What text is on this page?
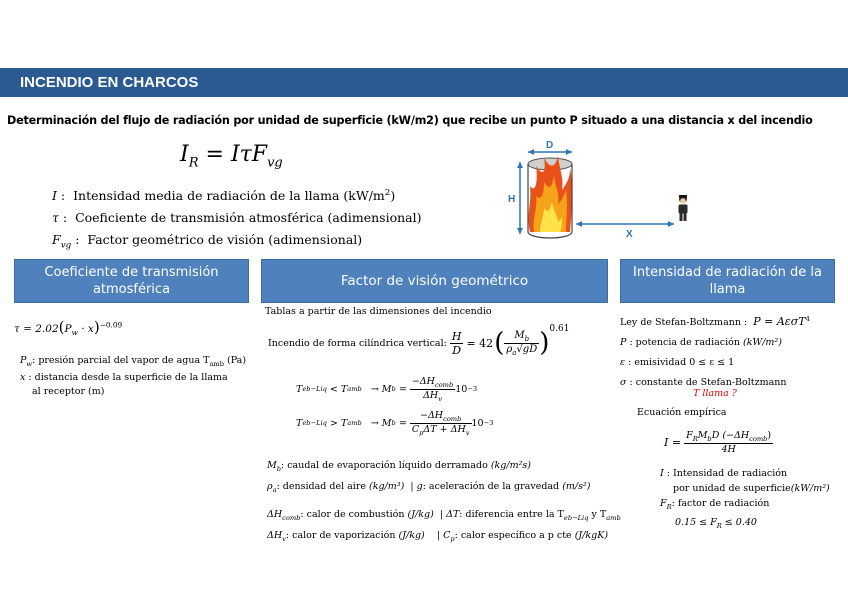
INCENDIO EN CHARCOS
Determinación del flujo de radiación por unidad de superficie (kW/m2) que recibe un punto P situado a una distancia x del incendio
$I_R = I\tau F_{vg}$
I :  Intensidad media de radiación de la llama $(kW/m^2)$
τ :  Coeficiente de transmisión atmosférica (adimensional)
$F_{vg}$ :  Factor geométrico de visión (adimensional)
D
H
X
Coeficiente de transmisión atmosférica
Factor de visión geométrico	Intensidad de radiación de la llama
$\tau = 2.02(P_w \cdot x)^{-0.09}$
$P_w$: presión parcial del vapor de agua $T_{amb}$ (Pa)
x : distancia desde la superficie de la llama
al receptor (m)
Tablas a partir de las dimensiones del incendio
Incendio de forma cilíndrica vertical:
$\frac{H}{D}$
= 42 ( $\frac{M_b}{\rho_a√gD}$ ) 0.61
T eb−Liq
<
T amb
→ M b
=
$\frac{-\Delta H_{comb}}{\Delta H_v} 10 -3$
T eb−Liq
>
T amb
→ M b
=
$\frac{-\Delta H_{comb}}{C_p\Delta T + \Delta H_v} 10 -3$
$M_b$: caudal de evaporación líquido derramado (kg/m²s)
$\rho_a$: densidad del aire (kg/m³) | g: aceleración de la gravedad (m/s²)
$\Delta H_{comb}$: calor de combustión (J/kg) | ΔT: diferencia entre la $T_{eb-Liq}$ y $T_{amb}$
$\Delta H_v$: calor de vaporización (J/kg) | $C_p$: calor específico a p cte (J/kgK)
Ley de Stefan-Boltzmann : P = AεσT$^4$
P : potencia de radiación (kW/m²)
ε : emisividad 0 ≤ ε ≤ 1
σ : constante de Stefan-Boltzmann
T llama ?
Ecuación empírica
I =
$\frac{F_RM_bD (-\Delta H_{comb})}{4H}$
I : Intensidad de radiación
por unidad de superficie(kW/m²)
$F_R$: factor de radiación
$0.15 \le F_R \le 0.40$
